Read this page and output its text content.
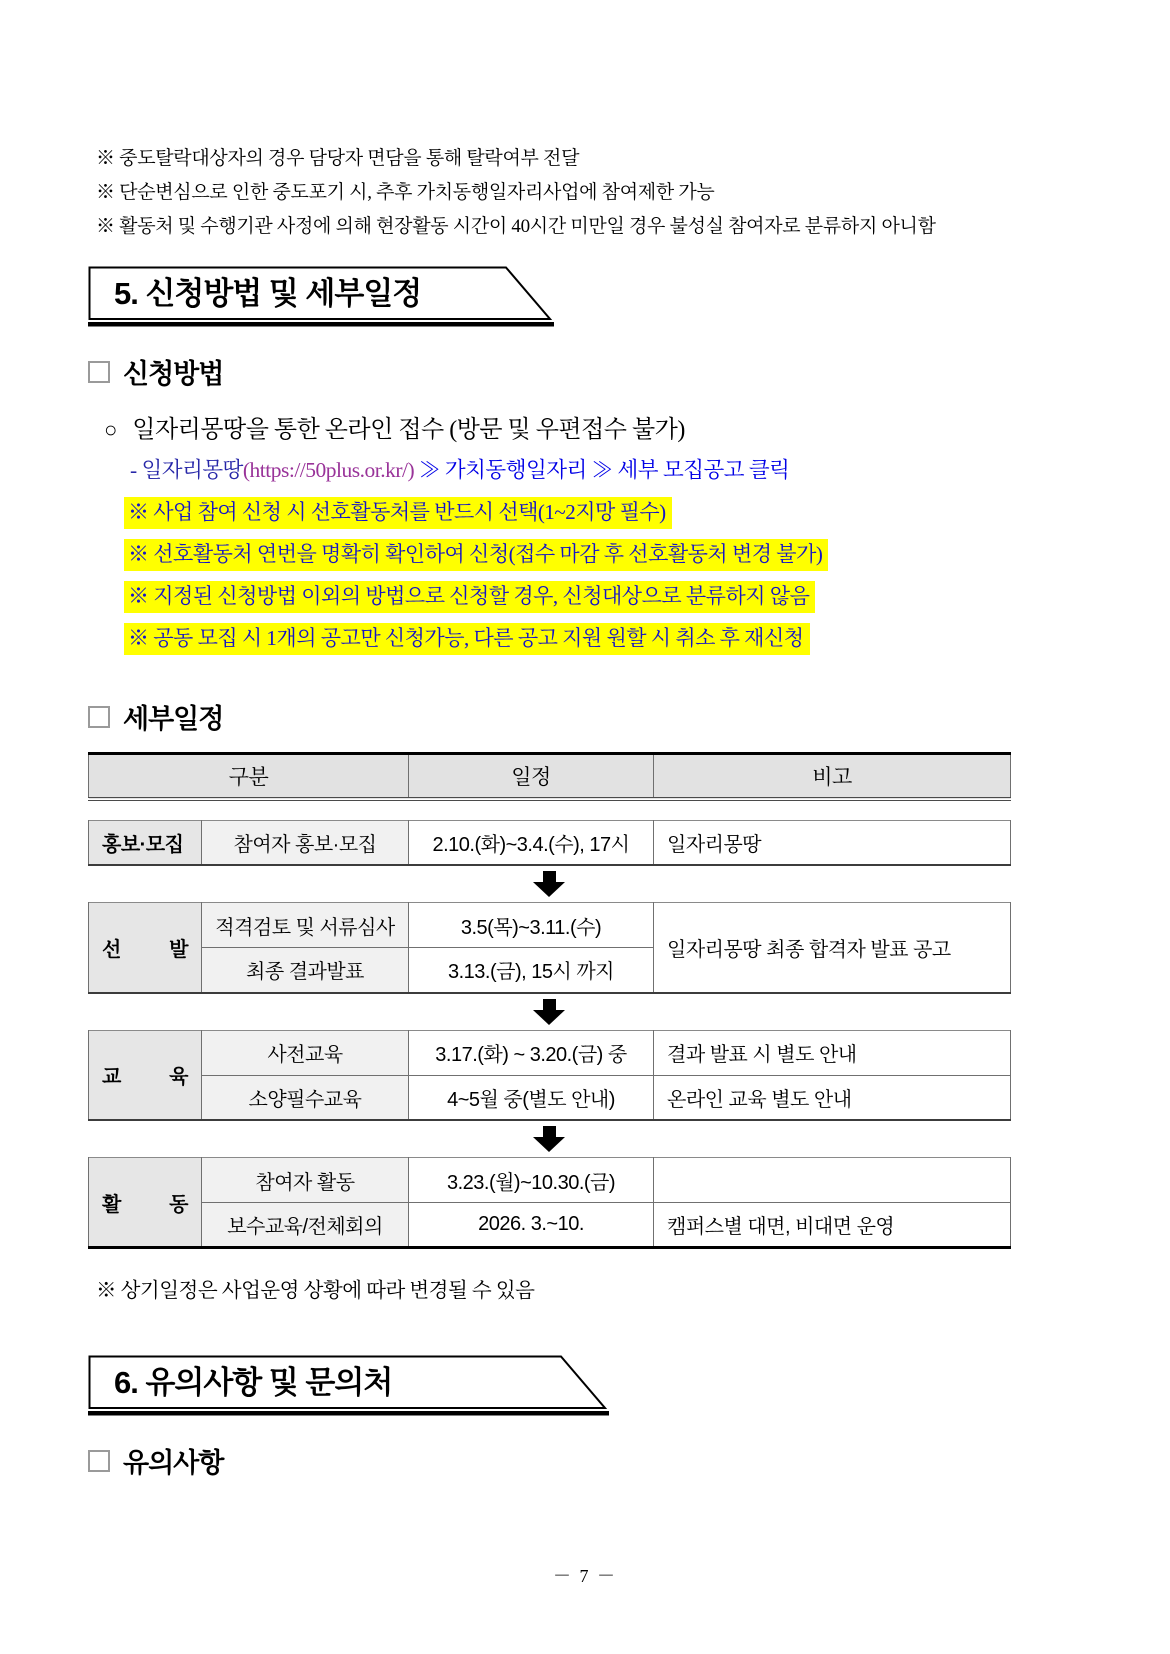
※ 중도탈락대상자의 경우 담당자 면담을 통해 탈락여부 전달
※ 단순변심으로 인한 중도포기 시, 추후 가치동행일자리사업에 참여제한 가능
※ 활동처 및 수행기관 사정에 의해 현장활동 시간이 40시간 미만일 경우 불성실 참여자로 분류하지 아니함
5. 신청방법 및 세부일정
신청방법
○ 일자리몽땅을 통한 온라인 접수 (방문 및 우편접수 불가)
- 일자리몽땅(https://50plus.or.kr/) ≫ 가치동행일자리 ≫ 세부 모집공고 클릭
※ 사업 참여 신청 시 선호활동처를 반드시 선택(1~2지망 필수)
※ 선호활동처 연번을 명확히 확인하여 신청(접수 마감 후 선호활동처 변경 불가)
※ 지정된 신청방법 이외의 방법으로 신청할 경우, 신청대상으로 분류하지 않음
※ 공동 모집 시 1개의 공고만 신청가능, 다른 공고 지원 원할 시 취소 후 재신청
세부일정
구분	일정	비고
홍보·모집	참여자 홍보·모집	2.10.(화)~3.4.(수), 17시	일자리몽땅
선 발	적격검토 및 서류심사	3.5(목)~3.11.(수)	일자리몽땅 최종 합격자 발표 공고
	최종 결과발표	3.13.(금), 15시 까지	
교 육	사전교육	3.17.(화) ~ 3.20.(금) 중	결과 발표 시 별도 안내
	소양필수교육	4~5월 중(별도 안내)	온라인 교육 별도 안내
활 동	참여자 활동	3.23.(월)~10.30.(금)	
	보수교육/전체회의	2026. 3.~10.	캠퍼스별 대면, 비대면 운영
※ 상기일정은 사업운영 상황에 따라 변경될 수 있음
6. 유의사항 및 문의처
유의사항
－ 7 －
